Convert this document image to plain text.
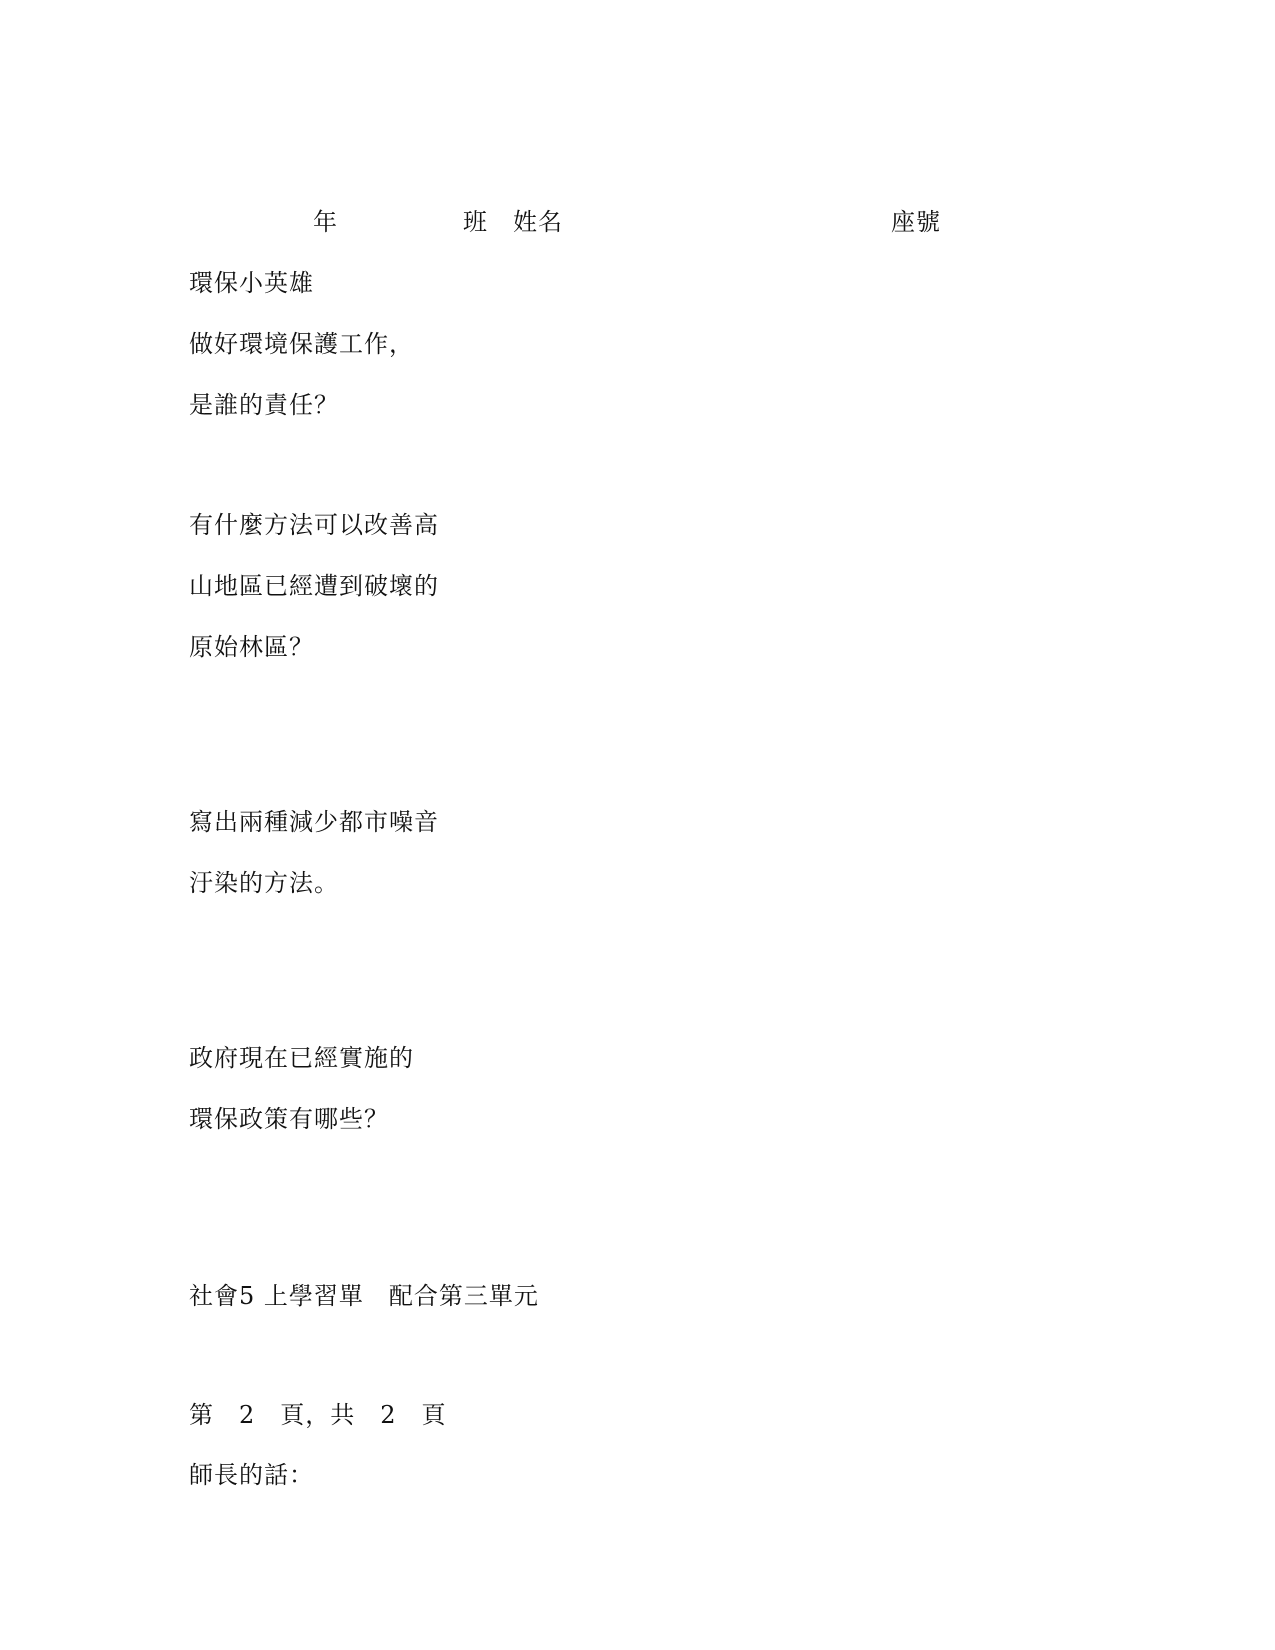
年	班 姓名	座號
環保小英雄
做好環境保護工作，
是誰的責任？
有什麼方法可以改善高
山地區已經遭到破壞的
原始林區？
寫出兩種減少都市噪音
汙染的方法。
政府現在已經實施的
環保政策有哪些？
社會5 上學習單　配合第三單元
第　2　頁，共　2　頁
師長的話：
